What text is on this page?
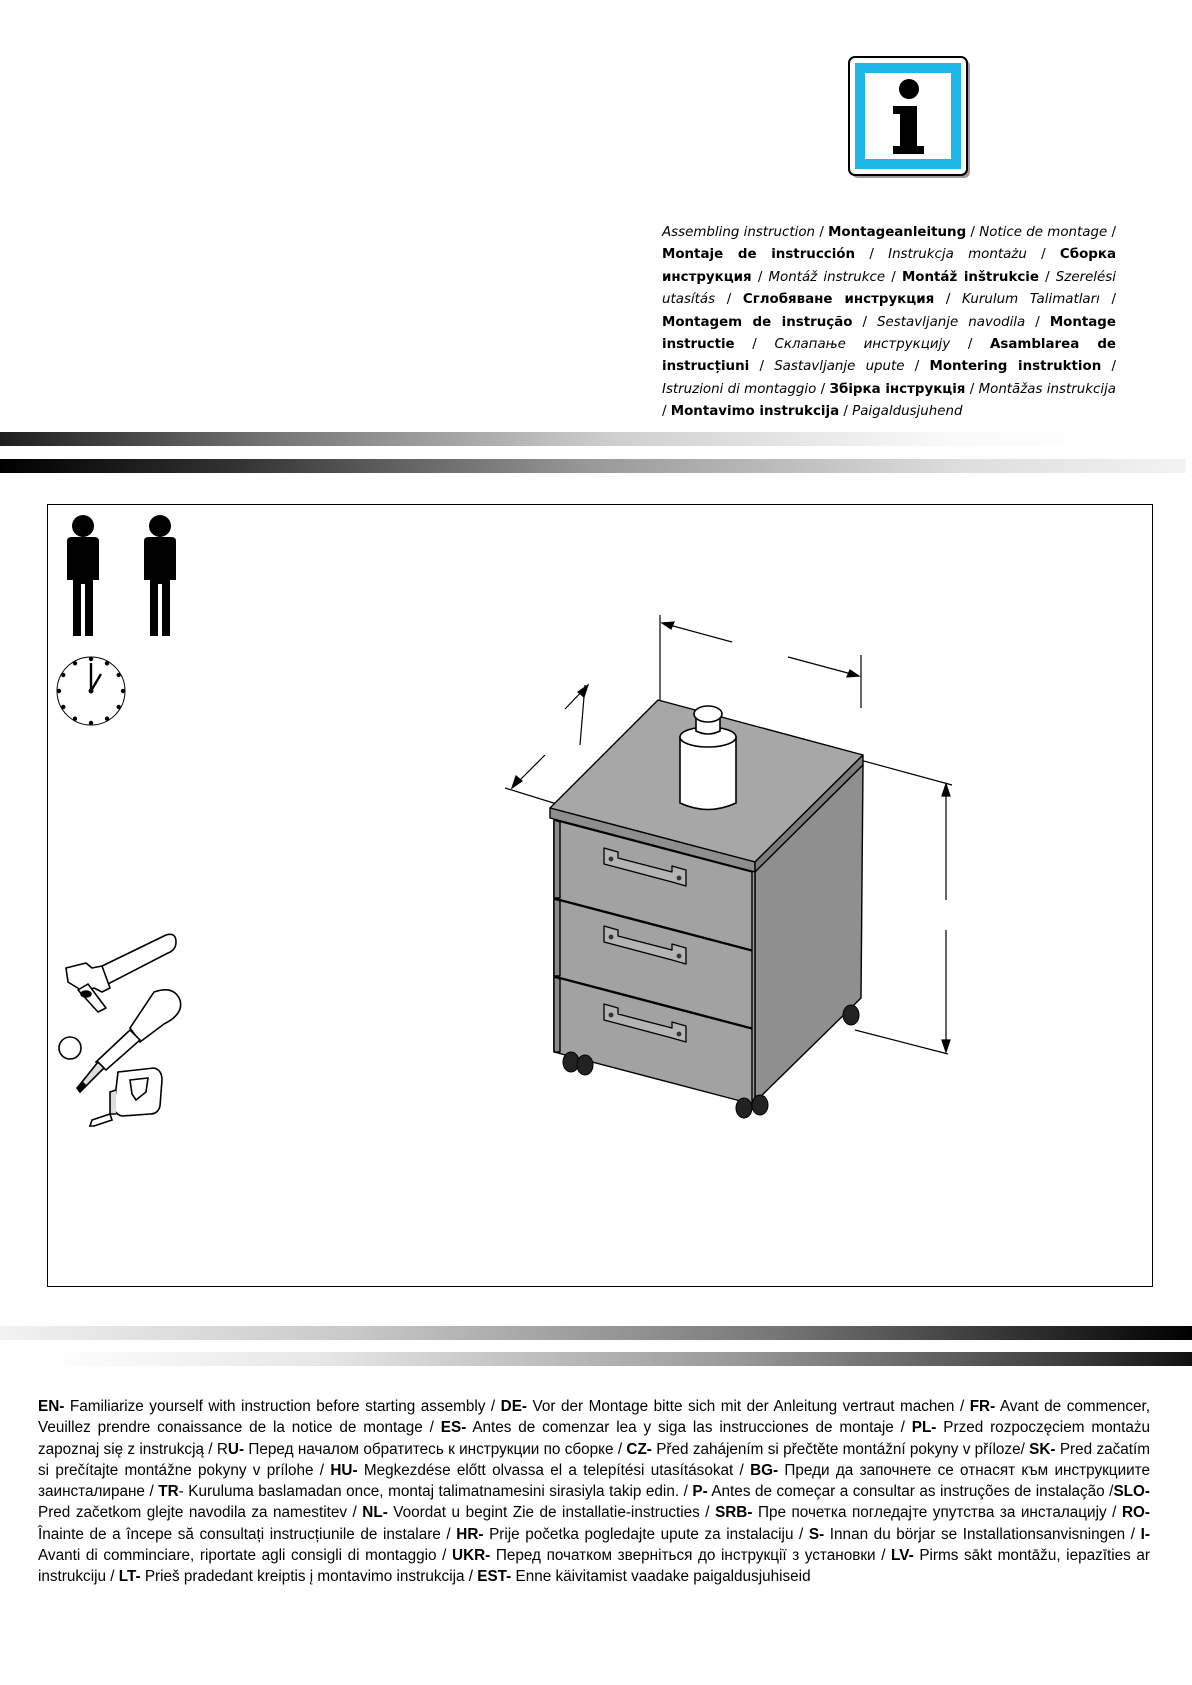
Assembling instruction / Montageanleitung / Notice de montage / Montaje de instrucción / Instrukcja montażu / Сборка инструкция / Montáž instrukce / Montáž inštrukcie / Szerelési utasítás / Сглобяване инструкция / Kurulum Talimatları / Montagem de instrução / Sestavljanje navodila / Montage instructie / Склапање инструкцију / Asamblarea de instrucțiuni / Sastavljanje upute / Montering instruktion / Istruzioni di montaggio / Збірка інструкція / Montāžas instrukcija / Montavimo instrukcija / Paigaldusjuhend
EN- Familiarize yourself with instruction before starting assembly / DE- Vor der Montage bitte sich mit der Anleitung vertraut machen / FR- Avant de commencer, Veuillez prendre conaissance de la notice de montage / ES- Antes de comenzar lea y siga las instrucciones de montaje / PL- Przed rozpoczęciem montażu zapoznaj się z instrukcją / RU- Перед началом обратитесь к инструкции по сборке / CZ- Před zahájením si přečtěte montážní pokyny v příloze/ SK- Pred začatím si prečítajte montážne pokyny v prílohe / HU- Megkezdése előtt olvassa el a telepítési utasításokat / BG- Преди да започнете се отнасят към инструкциите заинсталиране / TR- Kuruluma baslamadan once, montaj talimatnamesini sirasiyla takip edin. / P- Antes de começar a consultar as instruções de instalação /SLO- Pred začetkom glejte navodila za namestitev / NL- Voordat u begint Zie de installatie-instructies / SRB- Пре почетка погледајте упутства за инсталацију / RO-Înainte de a începe să consultați instrucțiunile de instalare / HR- Prije početka pogledajte upute za instalaciju / S- Innan du börjar se Installationsanvisningen / I- Avanti di comminciare, riportate agli consigli di montaggio / UKR- Перед початком зверніться до інструкції з установки / LV- Pirms sākt montāžu, iepazīties ar instrukciju / LT- Prieš pradedant kreiptis į montavimo instrukcija / EST- Enne käivitamist vaadake paigaldusjuhiseid
